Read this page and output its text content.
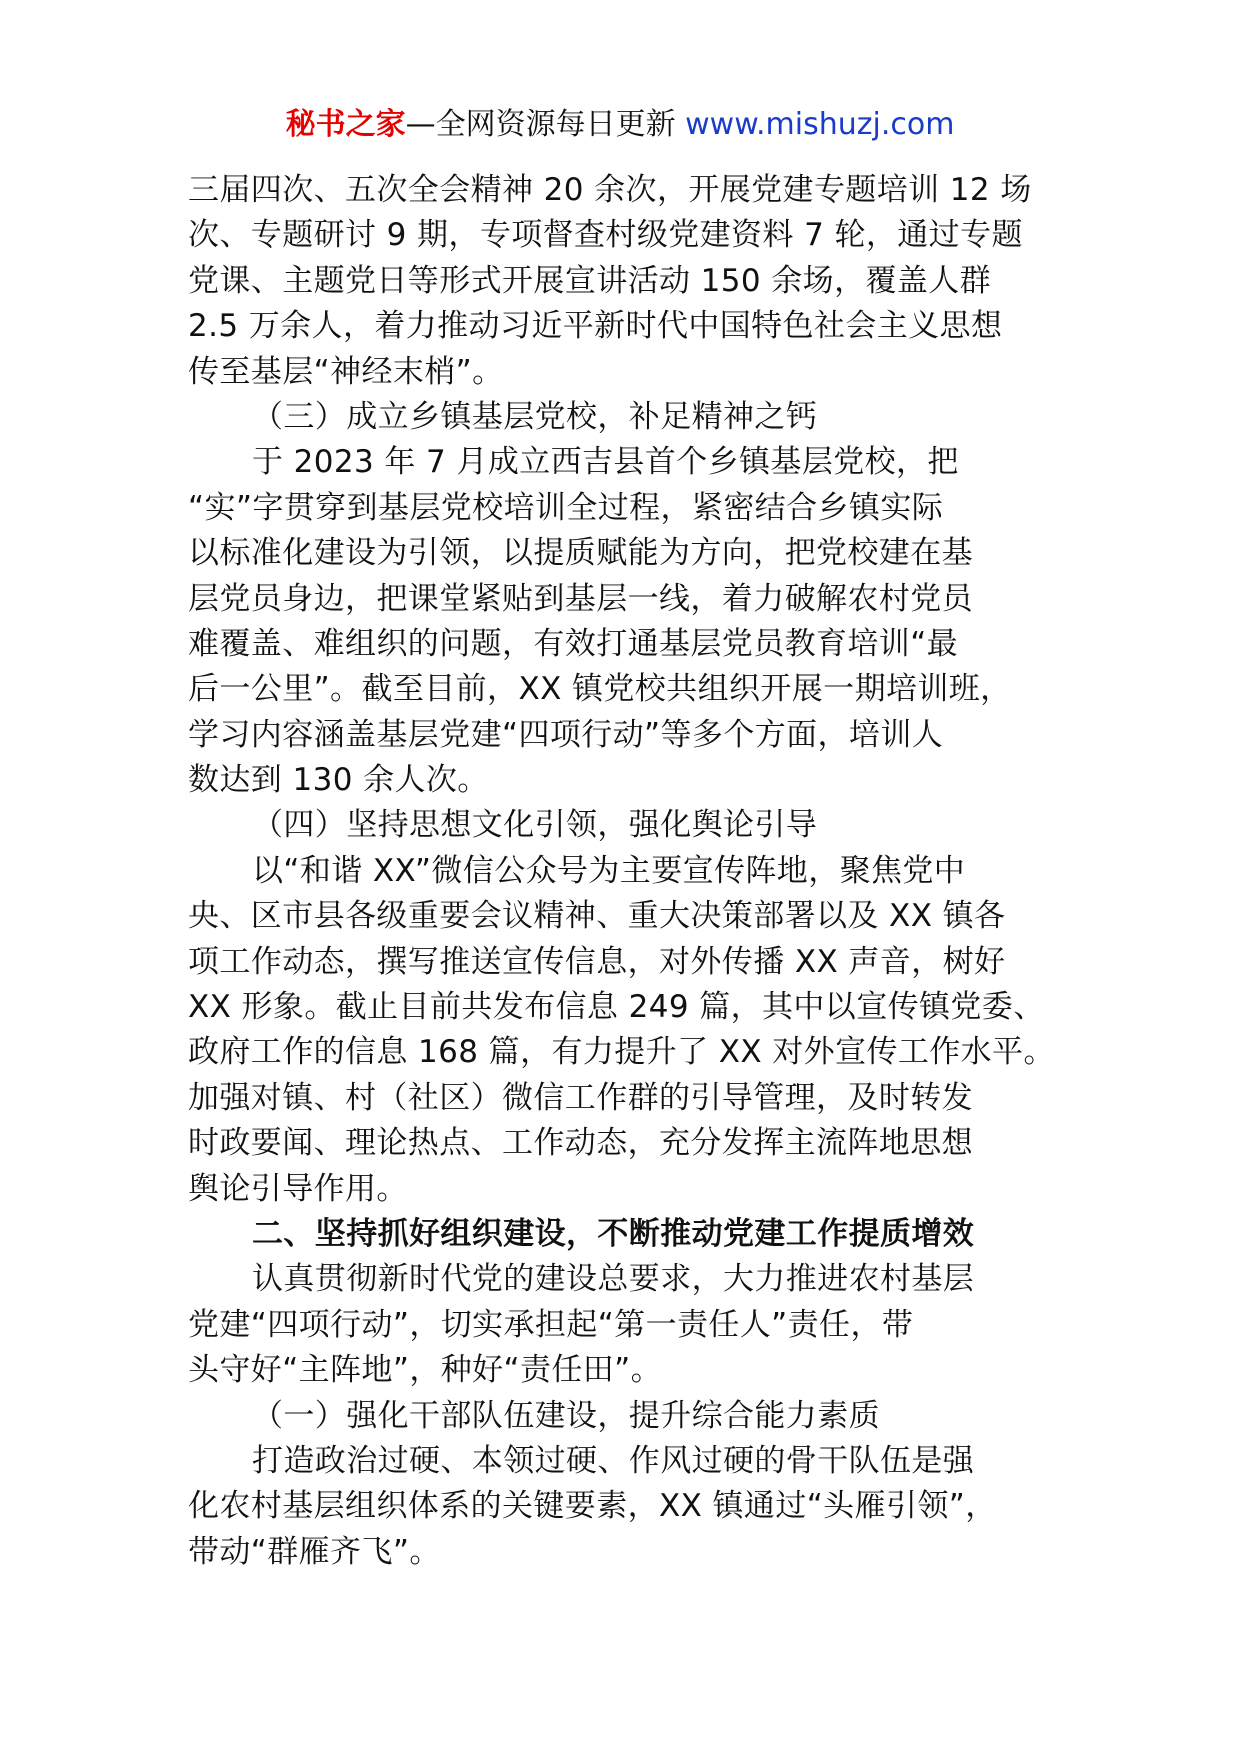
秘书之家—全网资源每日更新 www.mishuzj.com
三届四次、五次全会精神 20 余次，开展党建专题培训 12 场
次、专题研讨 9 期，专项督查村级党建资料 7 轮，通过专题
党课、主题党日等形式开展宣讲活动 150 余场，覆盖人群
2.5 万余人，着力推动习近平新时代中国特色社会主义思想
传至基层“神经末梢”。
（三）成立乡镇基层党校，补足精神之钙
于 2023 年 7 月成立西吉县首个乡镇基层党校，把
“实”字贯穿到基层党校培训全过程，紧密结合乡镇实际
以标准化建设为引领，以提质赋能为方向，把党校建在基
层党员身边，把课堂紧贴到基层一线，着力破解农村党员
难覆盖、难组织的问题，有效打通基层党员教育培训“最
后一公里”。截至目前，XX 镇党校共组织开展一期培训班，
学习内容涵盖基层党建“四项行动”等多个方面，培训人
数达到 130 余人次。
（四）坚持思想文化引领，强化舆论引导
以“和谐 XX”微信公众号为主要宣传阵地，聚焦党中
央、区市县各级重要会议精神、重大决策部署以及 XX 镇各
项工作动态，撰写推送宣传信息，对外传播 XX 声音，树好
XX 形象。截止目前共发布信息 249 篇，其中以宣传镇党委、
政府工作的信息 168 篇，有力提升了 XX 对外宣传工作水平。
加强对镇、村（社区）微信工作群的引导管理，及时转发
时政要闻、理论热点、工作动态，充分发挥主流阵地思想
舆论引导作用。
二、坚持抓好组织建设，不断推动党建工作提质增效
认真贯彻新时代党的建设总要求，大力推进农村基层
党建“四项行动”，切实承担起“第一责任人”责任，带
头守好“主阵地”，种好“责任田”。
（一）强化干部队伍建设，提升综合能力素质
打造政治过硬、本领过硬、作风过硬的骨干队伍是强
化农村基层组织体系的关键要素，XX 镇通过“头雁引领”，
带动“群雁齐飞”。
